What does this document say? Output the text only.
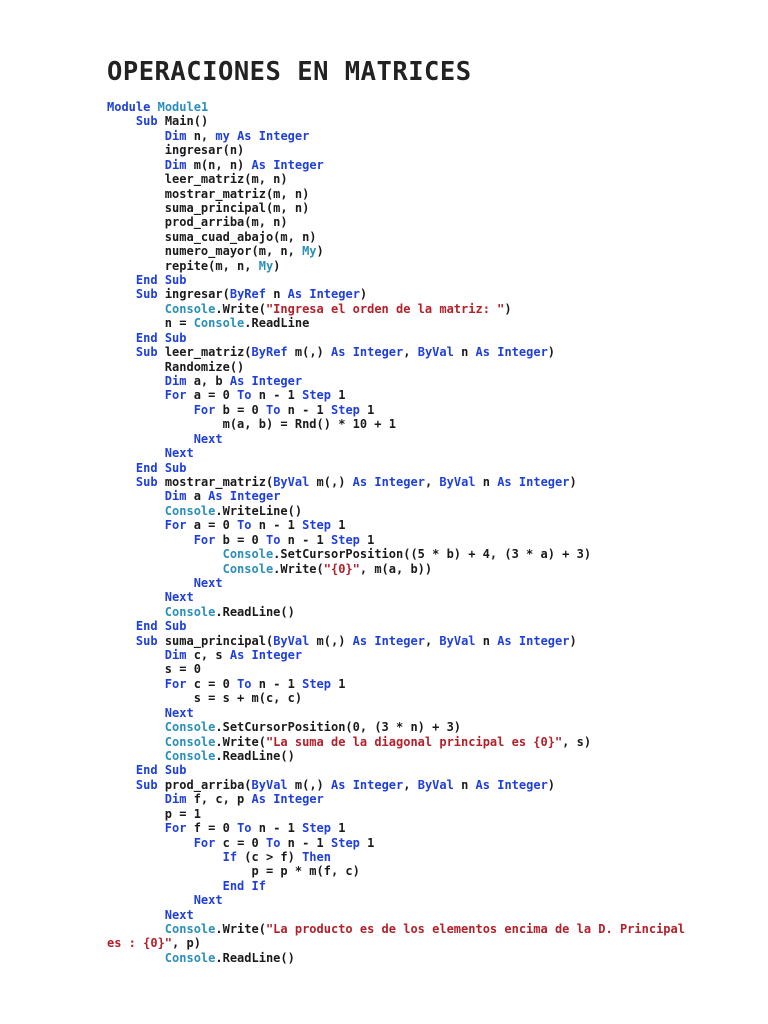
OPERACIONES EN MATRICES
Module Module1
Sub Main()
Dim n, my As Integer
ingresar(n)
Dim m(n, n) As Integer
leer_matriz(m, n)
mostrar_matriz(m, n)
suma_principal(m, n)
prod_arriba(m, n)
suma_cuad_abajo(m, n)
numero_mayor(m, n, My)
repite(m, n, My)
End Sub
Sub ingresar(ByRef n As Integer)
Console.Write("Ingresa el orden de la matriz: ")
n = Console.ReadLine
End Sub
Sub leer_matriz(ByRef m(,) As Integer, ByVal n As Integer)
Randomize()
Dim a, b As Integer
For a = 0 To n - 1 Step 1
For b = 0 To n - 1 Step 1
m(a, b) = Rnd() * 10 + 1
Next
Next
End Sub
Sub mostrar_matriz(ByVal m(,) As Integer, ByVal n As Integer)
Dim a As Integer
Console.WriteLine()
For a = 0 To n - 1 Step 1
For b = 0 To n - 1 Step 1
Console.SetCursorPosition((5 * b) + 4, (3 * a) + 3)
Console.Write("{0}", m(a, b))
Next
Next
Console.ReadLine()
End Sub
Sub suma_principal(ByVal m(,) As Integer, ByVal n As Integer)
Dim c, s As Integer
s = 0
For c = 0 To n - 1 Step 1
s = s + m(c, c)
Next
Console.SetCursorPosition(0, (3 * n) + 3)
Console.Write("La suma de la diagonal principal es {0}", s)
Console.ReadLine()
End Sub
Sub prod_arriba(ByVal m(,) As Integer, ByVal n As Integer)
Dim f, c, p As Integer
p = 1
For f = 0 To n - 1 Step 1
For c = 0 To n - 1 Step 1
If (c > f) Then
p = p * m(f, c)
End If
Next
Next
Console.Write("La producto es de los elementos encima de la D. Principal
es : {0}", p)
Console.ReadLine()
